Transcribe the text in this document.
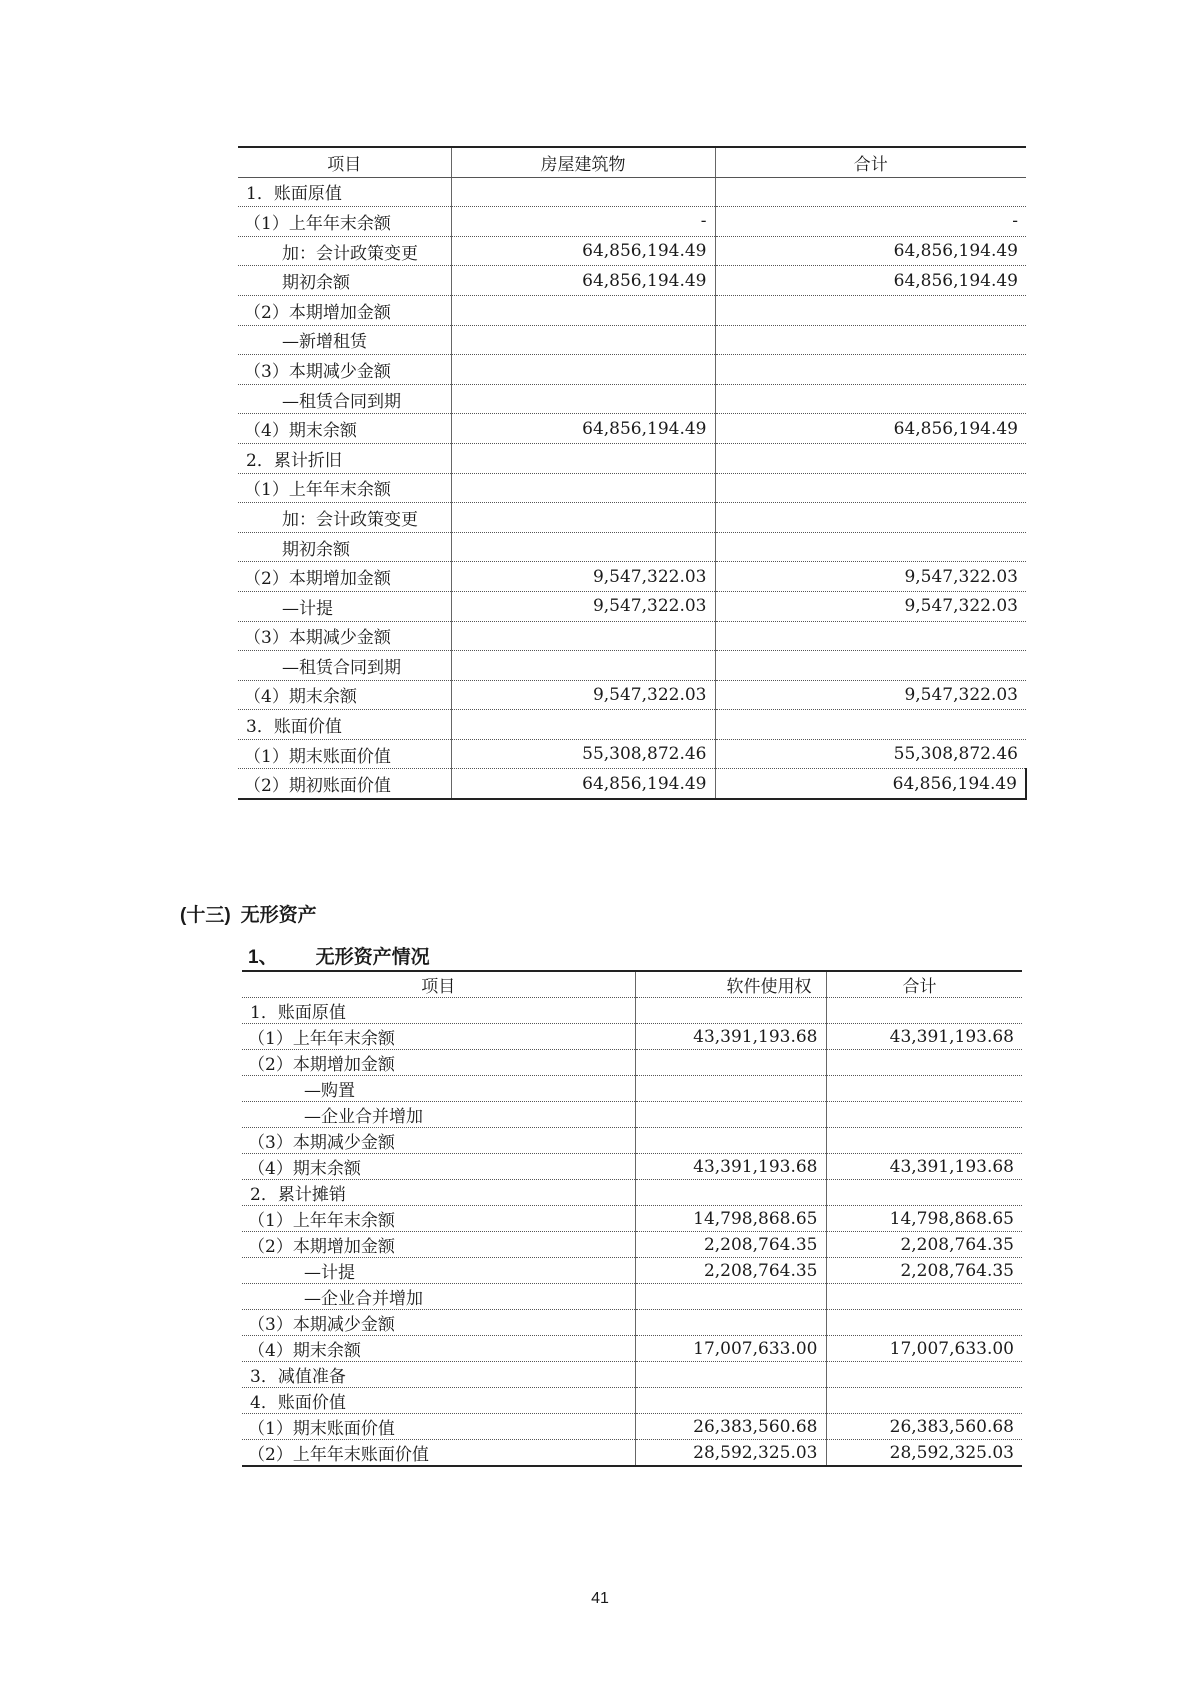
项目	房屋建筑物	合计
1．账面原值		
（1）上年年末余额	-	-
加：会计政策变更	64,856,194.49	64,856,194.49
期初余额	64,856,194.49	64,856,194.49
（2）本期增加金额		
—新增租赁		
（3）本期减少金额		
—租赁合同到期		
（4）期末余额	64,856,194.49	64,856,194.49
2．累计折旧		
（1）上年年末余额		
加：会计政策变更		
期初余额		
（2）本期增加金额	9,547,322.03	9,547,322.03
—计提	9,547,322.03	9,547,322.03
（3）本期减少金额		
—租赁合同到期		
（4）期末余额	9,547,322.03	9,547,322.03
3．账面价值		
（1）期末账面价值	55,308,872.46	55,308,872.46
（2）期初账面价值	64,856,194.49	64,856,194.49
(十三) 无形资产
1、 无形资产情况
项目	软件使用权	合计
1．账面原值		
（1）上年年末余额	43,391,193.68	43,391,193.68
（2）本期增加金额		
—购置		
—企业合并增加		
（3）本期减少金额		
（4）期末余额	43,391,193.68	43,391,193.68
2．累计摊销		
（1）上年年末余额	14,798,868.65	14,798,868.65
（2）本期增加金额	2,208,764.35	2,208,764.35
—计提	2,208,764.35	2,208,764.35
—企业合并增加		
（3）本期减少金额		
（4）期末余额	17,007,633.00	17,007,633.00
3．减值准备		
4．账面价值		
（1）期末账面价值	26,383,560.68	26,383,560.68
（2）上年年末账面价值	28,592,325.03	28,592,325.03
41
